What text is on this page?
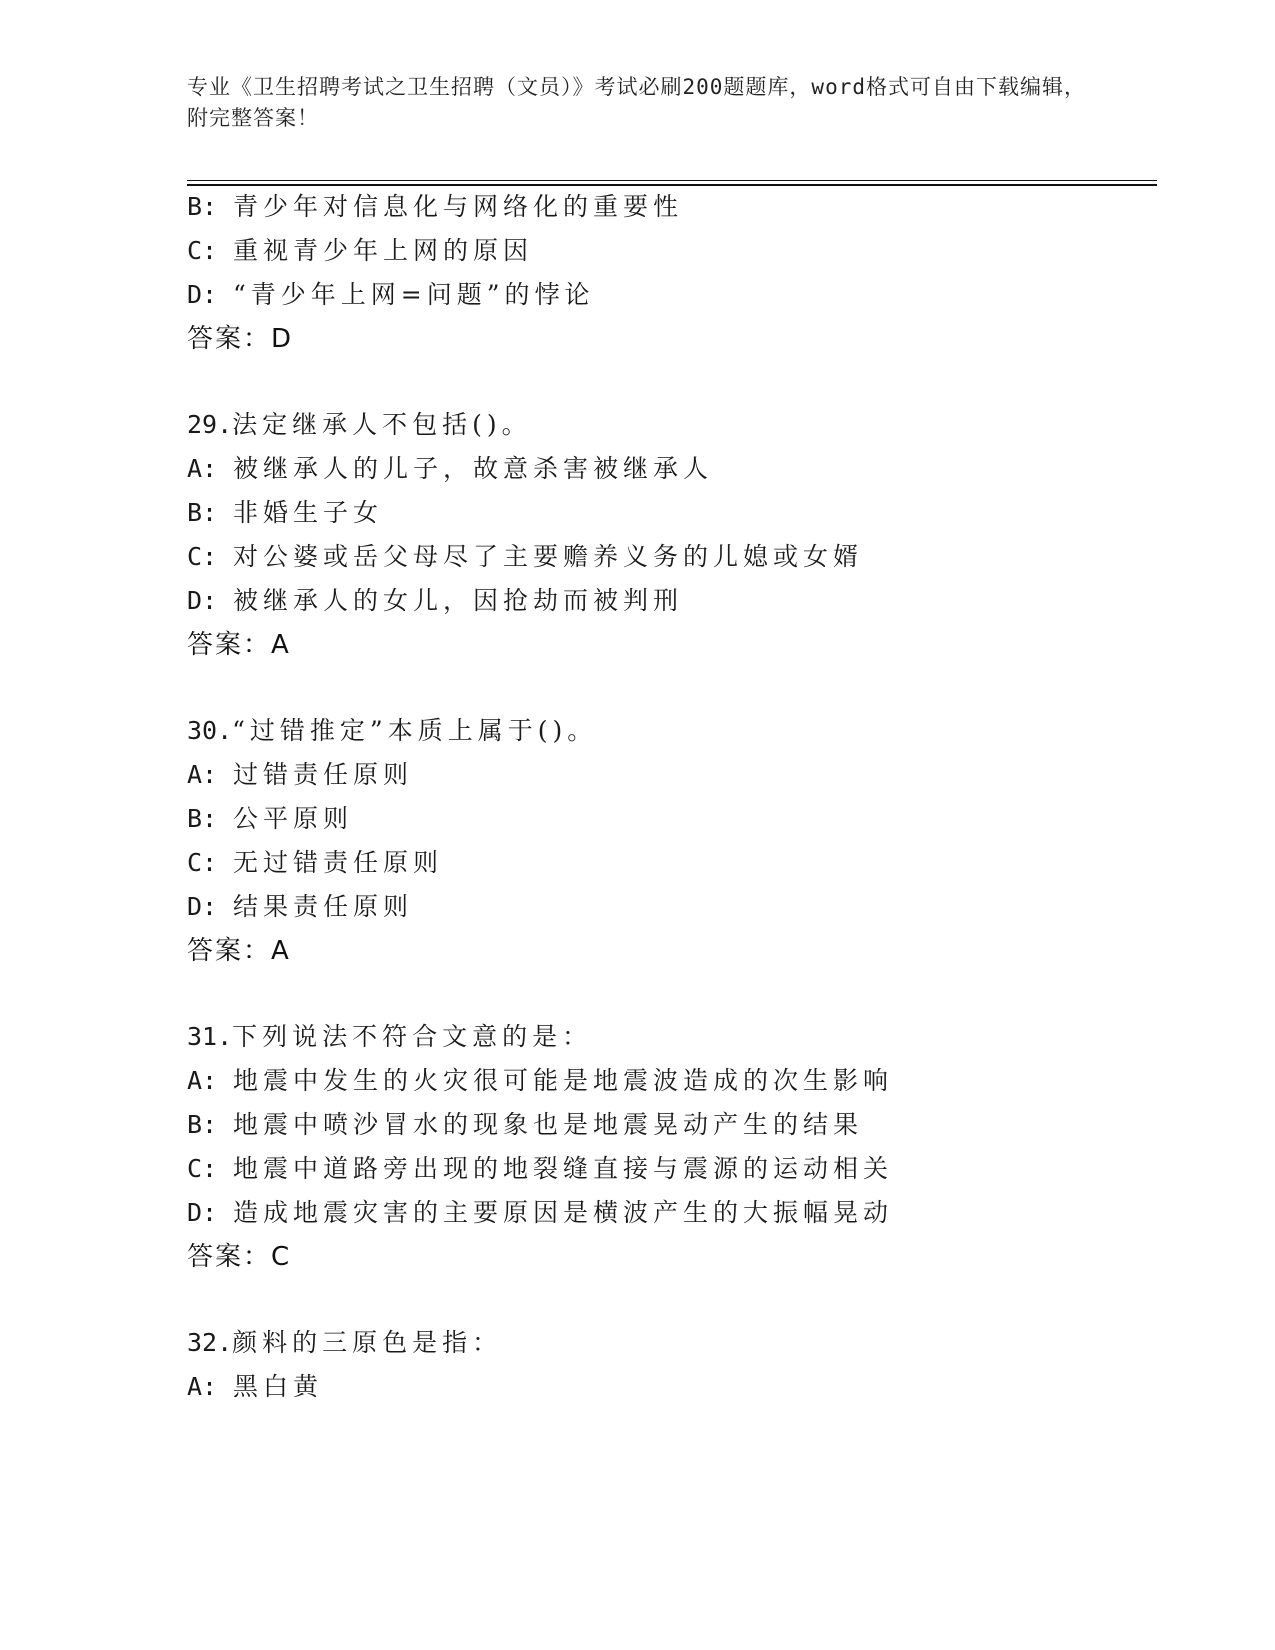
专业《卫生招聘考试之卫生招聘（文员）》考试必刷200题题库，word格式可自由下载编辑，附完整答案！
B: 青少年对信息化与网络化的重要性
C: 重视青少年上网的原因
D: “青少年上网=问题”的悖论
答案：D
29.法定继承人不包括()。
A: 被继承人的儿子，故意杀害被继承人
B: 非婚生子女
C: 对公婆或岳父母尽了主要赡养义务的儿媳或女婿
D: 被继承人的女儿，因抢劫而被判刑
答案：A
30.“过错推定”本质上属于()。
A: 过错责任原则
B: 公平原则
C: 无过错责任原则
D: 结果责任原则
答案：A
31.下列说法不符合文意的是：
A: 地震中发生的火灾很可能是地震波造成的次生影响
B: 地震中喷沙冒水的现象也是地震晃动产生的结果
C: 地震中道路旁出现的地裂缝直接与震源的运动相关
D: 造成地震灾害的主要原因是横波产生的大振幅晃动
答案：C
32.颜料的三原色是指：
A: 黑白黄
